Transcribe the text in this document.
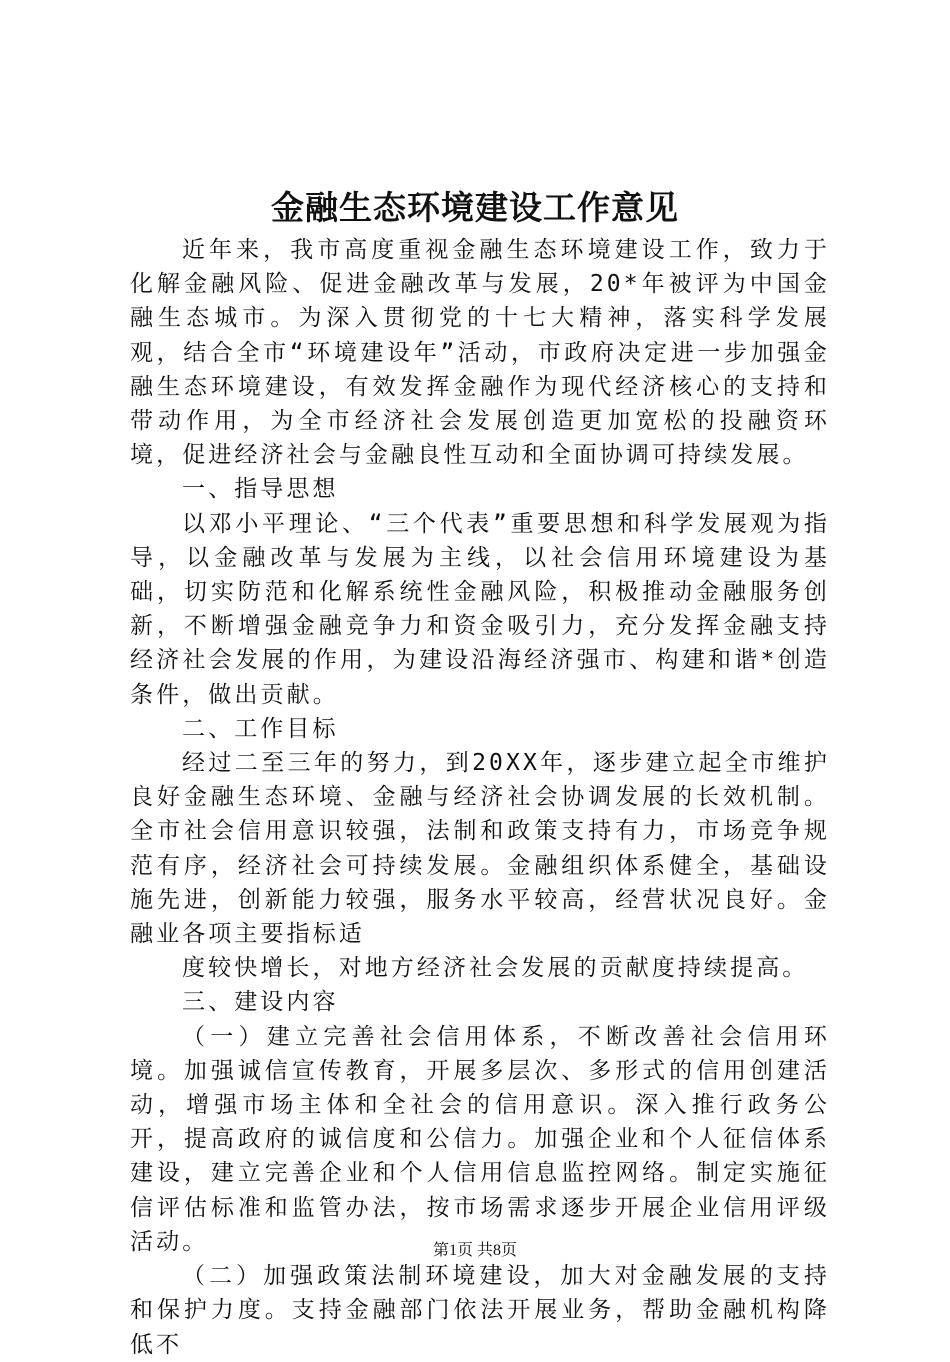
金融生态环境建设工作意见

近年来，我市高度重视金融生态环境建设工作，致力于化解金融风险、促进金融改革与发展，20*年被评为中国金融生态城市。为深入贯彻党的十七大精神，落实科学发展观，结合全市“环境建设年”活动，市政府决定进一步加强金融生态环境建设，有效发挥金融作为现代经济核心的支持和带动作用，为全市经济社会发展创造更加宽松的投融资环境，促进经济社会与金融良性互动和全面协调可持续发展。

一、指导思想

以邓小平理论、“三个代表”重要思想和科学发展观为指导，以金融改革与发展为主线，以社会信用环境建设为基础，切实防范和化解系统性金融风险，积极推动金融服务创新，不断增强金融竞争力和资金吸引力，充分发挥金融支持经济社会发展的作用，为建设沿海经济强市、构建和谐*创造条件，做出贡献。

二、工作目标

经过二至三年的努力，到20XX年，逐步建立起全市维护良好金融生态环境、金融与经济社会协调发展的长效机制。全市社会信用意识较强，法制和政策支持有力，市场竞争规范有序，经济社会可持续发展。金融组织体系健全，基础设施先进，创新能力较强，服务水平较高，经营状况良好。金融业各项主要指标适

度较快增长，对地方经济社会发展的贡献度持续提高。

三、建设内容

（一）建立完善社会信用体系，不断改善社会信用环境。加强诚信宣传教育，开展多层次、多形式的信用创建活动，增强市场主体和全社会的信用意识。深入推行政务公开，提高政府的诚信度和公信力。加强企业和个人征信体系建设，建立完善企业和个人信用信息监控网络。制定实施征信评估标准和监管办法，按市场需求逐步开展企业信用评级活动。

（二）加强政策法制环境建设，加大对金融发展的支持和保护力度。支持金融部门依法开展业务，帮助金融机构降低不

第1页 共8页
